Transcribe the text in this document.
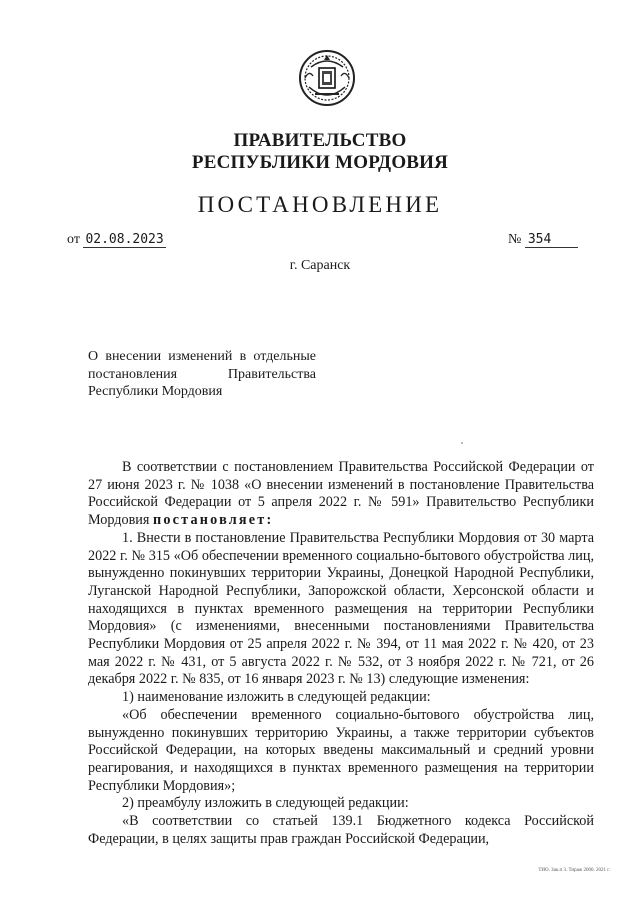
ПРАВИТЕЛЬСТВО
РЕСПУБЛИКИ МОРДОВИЯ
ПОСТАНОВЛЕНИЕ
от 02.08.2023	№ 354
г. Саранск
О внесении изменений в отдельные постановления Правительства Республики Мордовия

В соответствии с постановлением Правительства Российской Федерации от 27 июня 2023 г. № 1038 «О внесении изменений в постановление Правительства Российской Федерации от 5 апреля 2022 г. № 591» Правительство Республики Мордовия постановляет:

1. Внести в постановление Правительства Республики Мордовия от 30 марта 2022 г. № 315 «Об обеспечении временного социально-бытового обустройства лиц, вынужденно покинувших территории Украины, Донецкой Народной Республики, Луганской Народной Республики, Запорожской области, Херсонской области и находящихся в пунктах временного размещения на территории Республики Мордовия» (с изменениями, внесенными постановлениями Правительства Республики Мордовия от 25 апреля 2022 г. № 394, от 11 мая 2022 г. № 420, от 23 мая 2022 г. № 431, от 5 августа 2022 г. № 532, от 3 ноября 2022 г. № 721, от 26 декабря 2022 г. № 835, от 16 января 2023 г. № 13) следующие изменения:

1) наименование изложить в следующей редакции:

«Об обеспечении временного социально-бытового обустройства лиц, вынужденно покинувших территорию Украины, а также территории субъектов Российской Федерации, на которых введены максимальный и средний уровни реагирования, и находящихся в пунктах временного размещения на территории Республики Мордовия»;

2) преамбулу изложить в следующей редакции:

«В соответствии со статьей 139.1 Бюджетного кодекса Российской Федерации, в целях защиты прав граждан Российской Федерации,

ТИО. Зак.п 3. Тираж 2000. 2021 г.
